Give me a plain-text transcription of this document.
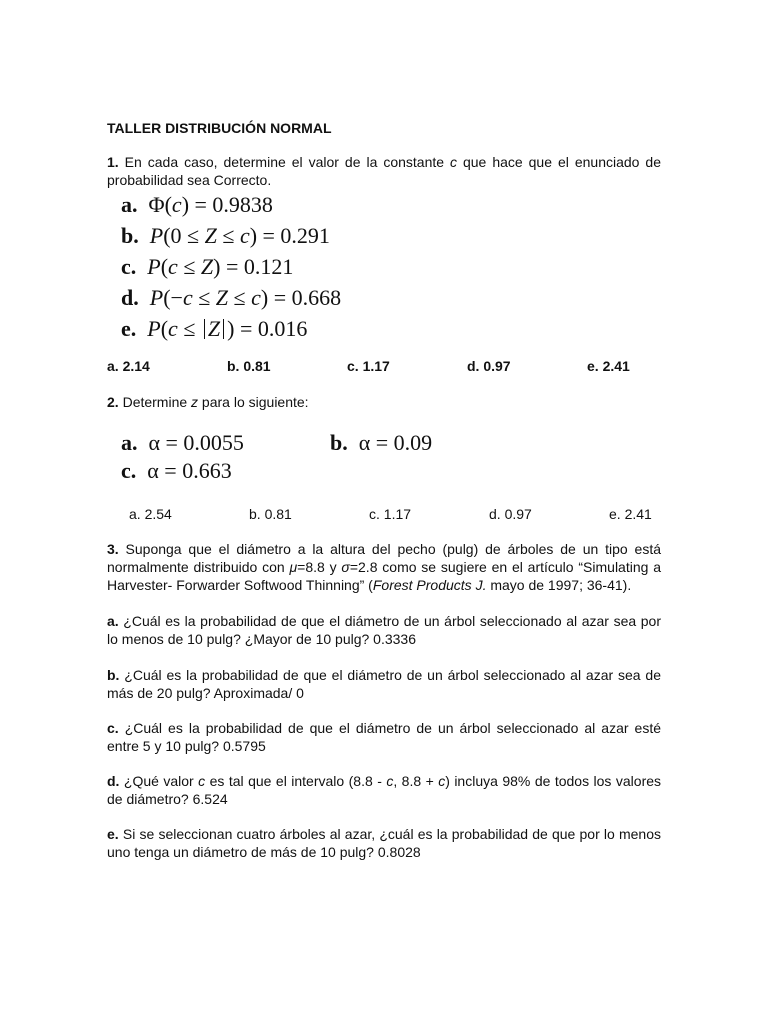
TALLER DISTRIBUCIÓN NORMAL
1. En cada caso, determine el valor de la constante c que hace que el enunciado de probabilidad sea Correcto.
a.  Φ(c) = 0.9838
b. P(0 ≤ Z ≤ c) = 0.291
c. P(c ≤ Z) = 0.121
d. P(−c ≤ Z ≤ c) = 0.668
e. P(c ≤ Z ) = 0.016
a. 2.14	b. 0.81	c. 1.17	d. 0.97	e. 2.41
2. Determine z para lo siguiente:
a.  α = 0.0055	b.  α = 0.09
c.  α = 0.663
a. 2.54	b. 0.81	c. 1.17	d. 0.97	e. 2.41
3. Suponga que el diámetro a la altura del pecho (pulg) de árboles de un tipo está normalmente distribuido con μ=8.8 y σ=2.8 como se sugiere en el artículo “Simulating a Harvester- Forwarder Softwood Thinning” (Forest Products J. mayo de 1997; 36-41).
a. ¿Cuál es la probabilidad de que el diámetro de un árbol seleccionado al azar sea por lo menos de 10 pulg? ¿Mayor de 10 pulg? 0.3336
b. ¿Cuál es la probabilidad de que el diámetro de un árbol seleccionado al azar sea de más de 20 pulg? Aproximada/ 0
c. ¿Cuál es la probabilidad de que el diámetro de un árbol seleccionado al azar esté entre 5 y 10 pulg? 0.5795
d. ¿Qué valor c es tal que el intervalo (8.8 - c, 8.8 + c) incluya 98% de todos los valores de diámetro? 6.524
e. Si se seleccionan cuatro árboles al azar, ¿cuál es la probabilidad de que por lo menos uno tenga un diámetro de más de 10 pulg? 0.8028
